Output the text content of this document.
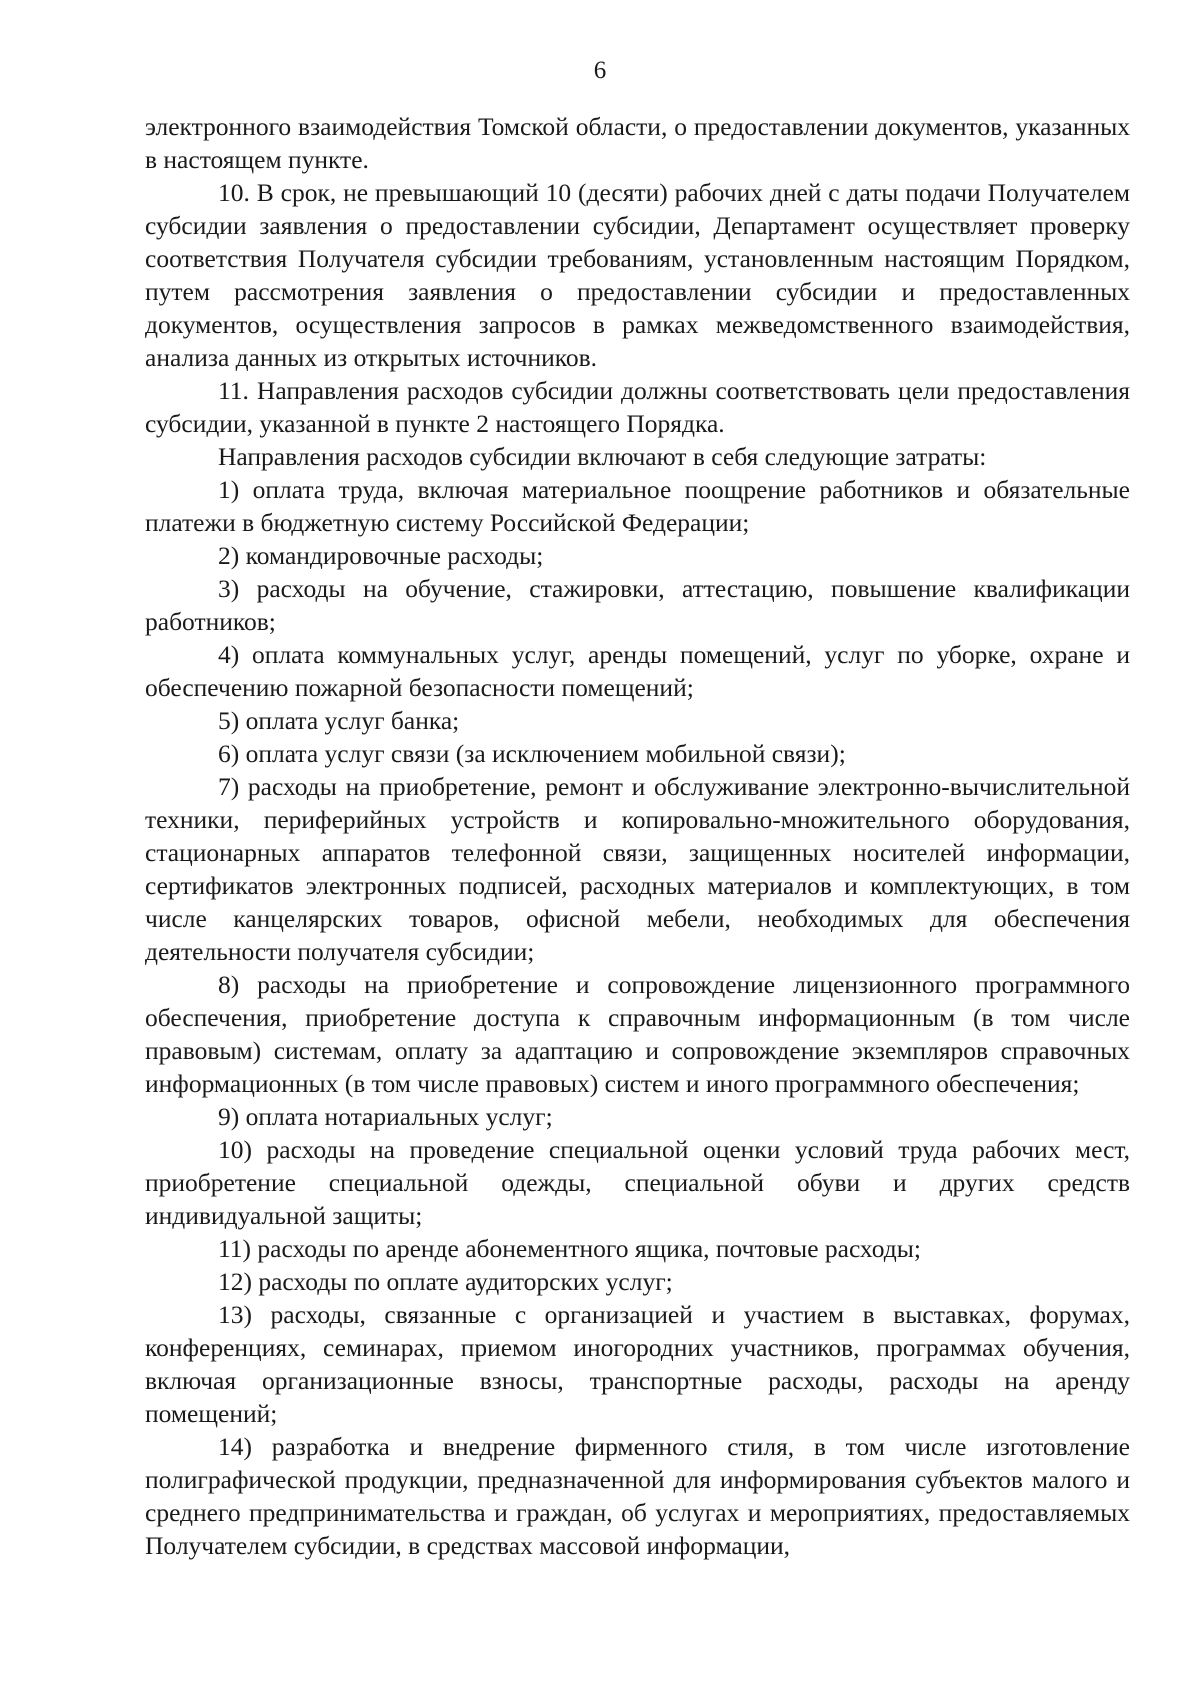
6

электронного взаимодействия Томской области, о предоставлении документов, указанных в настоящем пункте.

10. В срок, не превышающий 10 (десяти) рабочих дней с даты подачи Получателем субсидии заявления о предоставлении субсидии, Департамент осуществляет проверку соответствия Получателя субсидии требованиям, установленным настоящим Порядком, путем рассмотрения заявления о предоставлении субсидии и предоставленных документов, осуществления запросов в рамках межведомственного взаимодействия, анализа данных из открытых источников.

11. Направления расходов субсидии должны соответствовать цели предоставления субсидии, указанной в пункте 2 настоящего Порядка.

Направления расходов субсидии включают в себя следующие затраты:

1) оплата труда, включая материальное поощрение работников и обязательные платежи в бюджетную систему Российской Федерации;

2) командировочные расходы;

3) расходы на обучение, стажировки, аттестацию, повышение квалификации работников;

4) оплата коммунальных услуг, аренды помещений, услуг по уборке, охране и обеспечению пожарной безопасности помещений;

5) оплата услуг банка;

6) оплата услуг связи (за исключением мобильной связи);

7) расходы на приобретение, ремонт и обслуживание электронно-вычислительной техники, периферийных устройств и копировально-множительного оборудования, стационарных аппаратов телефонной связи, защищенных носителей информации, сертификатов электронных подписей, расходных материалов и комплектующих, в том числе канцелярских товаров, офисной мебели, необходимых для обеспечения деятельности получателя субсидии;

8) расходы на приобретение и сопровождение лицензионного программного обеспечения, приобретение доступа к справочным информационным (в том числе правовым) системам, оплату за адаптацию и сопровождение экземпляров справочных информационных (в том числе правовых) систем и иного программного обеспечения;

9) оплата нотариальных услуг;

10) расходы на проведение специальной оценки условий труда рабочих мест, приобретение специальной одежды, специальной обуви и других средств индивидуальной защиты;

11) расходы по аренде абонементного ящика, почтовые расходы;

12) расходы по оплате аудиторских услуг;

13) расходы, связанные с организацией и участием в выставках, форумах, конференциях, семинарах, приемом иногородних участников, программах обучения, включая организационные взносы, транспортные расходы, расходы на аренду помещений;

14) разработка и внедрение фирменного стиля, в том числе изготовление полиграфической продукции, предназначенной для информирования субъектов малого и среднего предпринимательства и граждан, об услугах и мероприятиях, предоставляемых Получателем субсидии, в средствах массовой информации,
